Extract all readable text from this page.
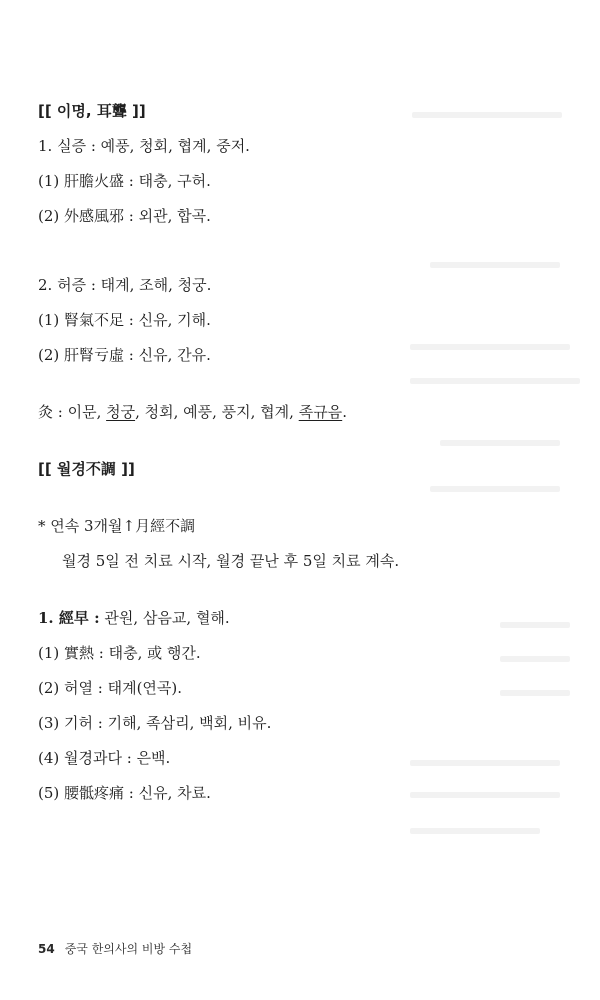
[[ 이명, 耳聾 ]]
1. 실증 : 예풍, 청회, 협계, 중저.
(1) 肝膽火盛 : 태충, 구허.
(2) 外感風邪 : 외관, 합곡.
2. 허증 : 태계, 조해, 청궁.
(1) 腎氣不足 : 신유, 기해.
(2) 肝腎亏虛 : 신유, 간유.
灸 : 이문, 청궁, 청회, 예풍, 풍지, 협계, 족규음.
[[ 월경不調 ]]
* 연속 3개월↑月經不調
월경 5일 전 치료 시작, 월경 끝난 후 5일 치료 계속.
1. 經早 : 관원, 삼음교, 혈해.
(1) 實熱 : 태충, 或 행간.
(2) 허열 : 태계(연곡).
(3) 기허 : 기해, 족삼리, 백회, 비유.
(4) 월경과다 : 은백.
(5) 腰骶疼痛 : 신유, 차료.
54 중국 한의사의 비방 수첩
